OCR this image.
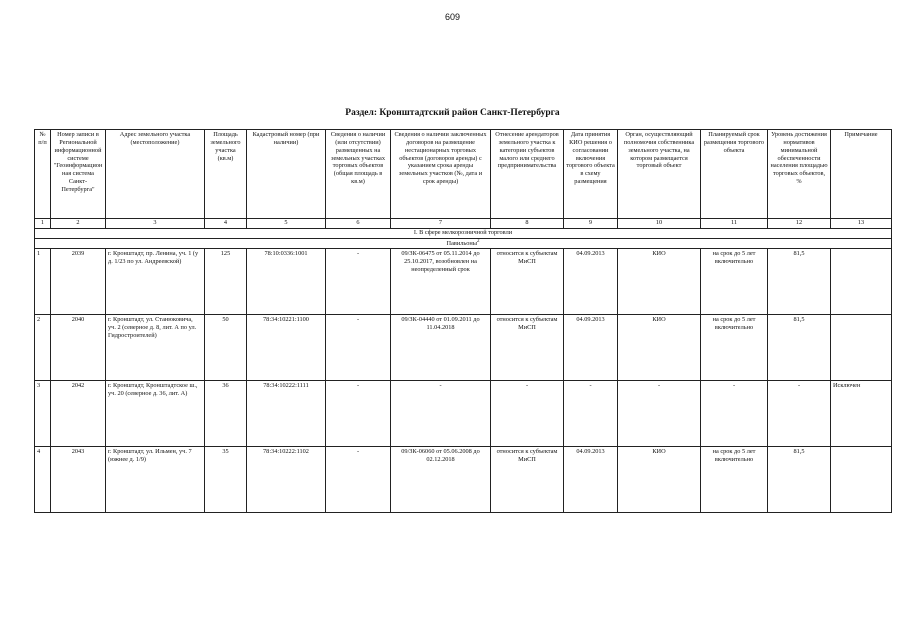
609
Раздел: Кронштадтский район Санкт-Петербурга
№ п/п	Номер записи в Региональной информационной системе "Геоинформационная система Санкт-Петербурга"	Адрес земельного участка (местоположение)	Площадь земельного участка (кв.м)	Кадастровый номер (при наличии)	Сведения о наличии (или отсутствии) размещенных на земельных участках торговых объектов (общая площадь в кв.м)	Сведения о наличии заключенных договоров на размещение нестационарных торговых объектов (договоров аренды) с указанием срока аренды земельных участков (№, дата и срок аренды)	Отнесение арендаторов земельного участка к категории субъектов малого или среднего предпринимательства	Дата принятия КИО решения о согласовании включения торгового объекта в схему размещения	Орган, осуществляющий полномочия собственника земельного участка, на котором размещается торговый объект	Планируемый срок размещения торгового объекта	Уровень достижения нормативов минимальной обеспеченности населения площадью торговых объектов, %	Примечание
1	2	3	4	5	6	7	8	9	10	11	12	13
I. В сфере мелкорозничной торговли												
Павильоны$^2$
1	2039	г. Кронштадт, пр. Ленина, уч. 1 (у д. 1/23 по ул. Андреевской)	125	78:10:0336:1001	-	09/ЗК-06475 от 05.11.2014 до 25.10.2017, возобновлен на неопределенный срок	относится к субъектам МиСП	04.09.2013	КИО	на срок до 5 лет включительно	81,5	
2	2040	г. Кронштадт, ул. Станюковича, уч. 2 (северное д. 8, лит. А по ул. Гидростроителей)	50	78:34:10221:1100	-	09/ЗК-04440 от 01.09.2011 до 11.04.2018	относится к субъектам МиСП	04.09.2013	КИО	на срок до 5 лет включительно	81,5	
3	2042	г. Кронштадт, Кронштадтское ш., уч. 20 (северное д. 36, лит. А)	36	78:34:10222:1111	-	-	-	-	-	-	-	Исключен
4	2043	г. Кронштадт, ул. Ильмен, уч. 7 (южнее д. 1/9)	35	78:34:10222:1102	-	09/ЗК-06060 от 05.06.2008 до 02.12.2018	относится к субъектам МиСП	04.09.2013	КИО	на срок до 5 лет включительно	81,5	
